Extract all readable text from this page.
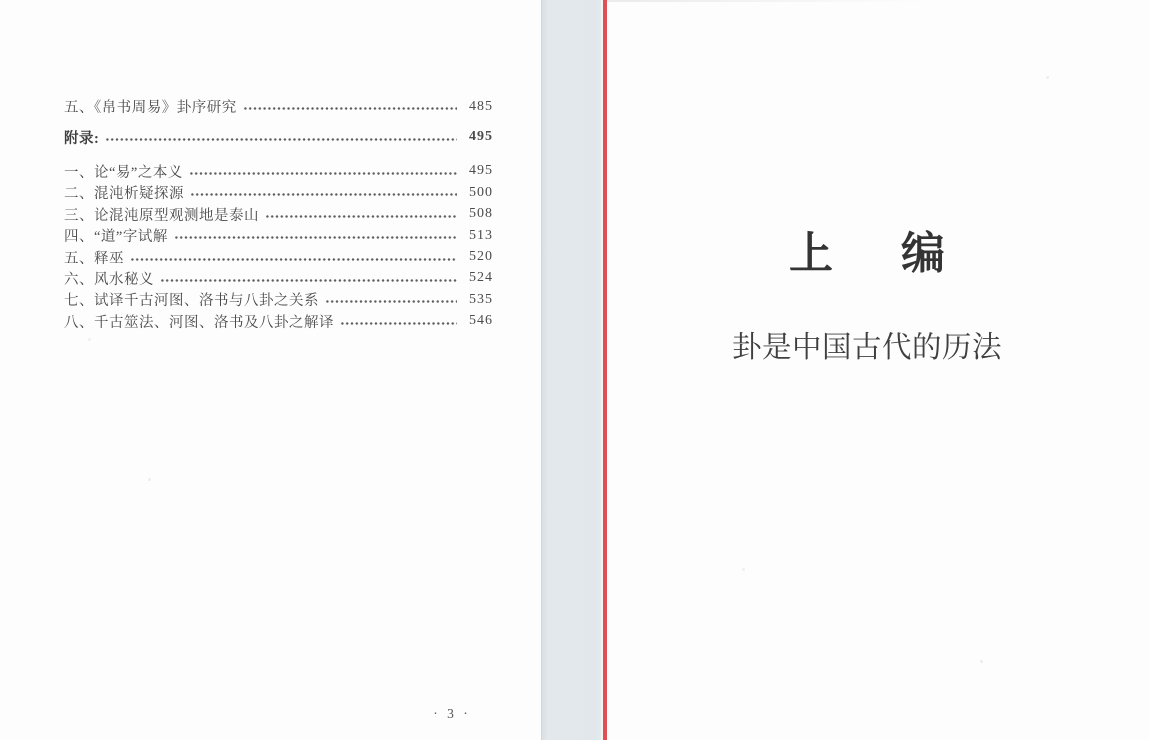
五、《帛书周易》卦序研究	485
附录:	495
一、论“易”之本义	495
二、混沌析疑探源	500
三、论混沌原型观测地是泰山	508
四、“道”字试解	513
五、释巫	520
六、风水秘义	524
七、试译千古河图、洛书与八卦之关系	535
八、千古筮法、河图、洛书及八卦之解译	546
· 3 ·
上 编
卦是中国古代的历法
